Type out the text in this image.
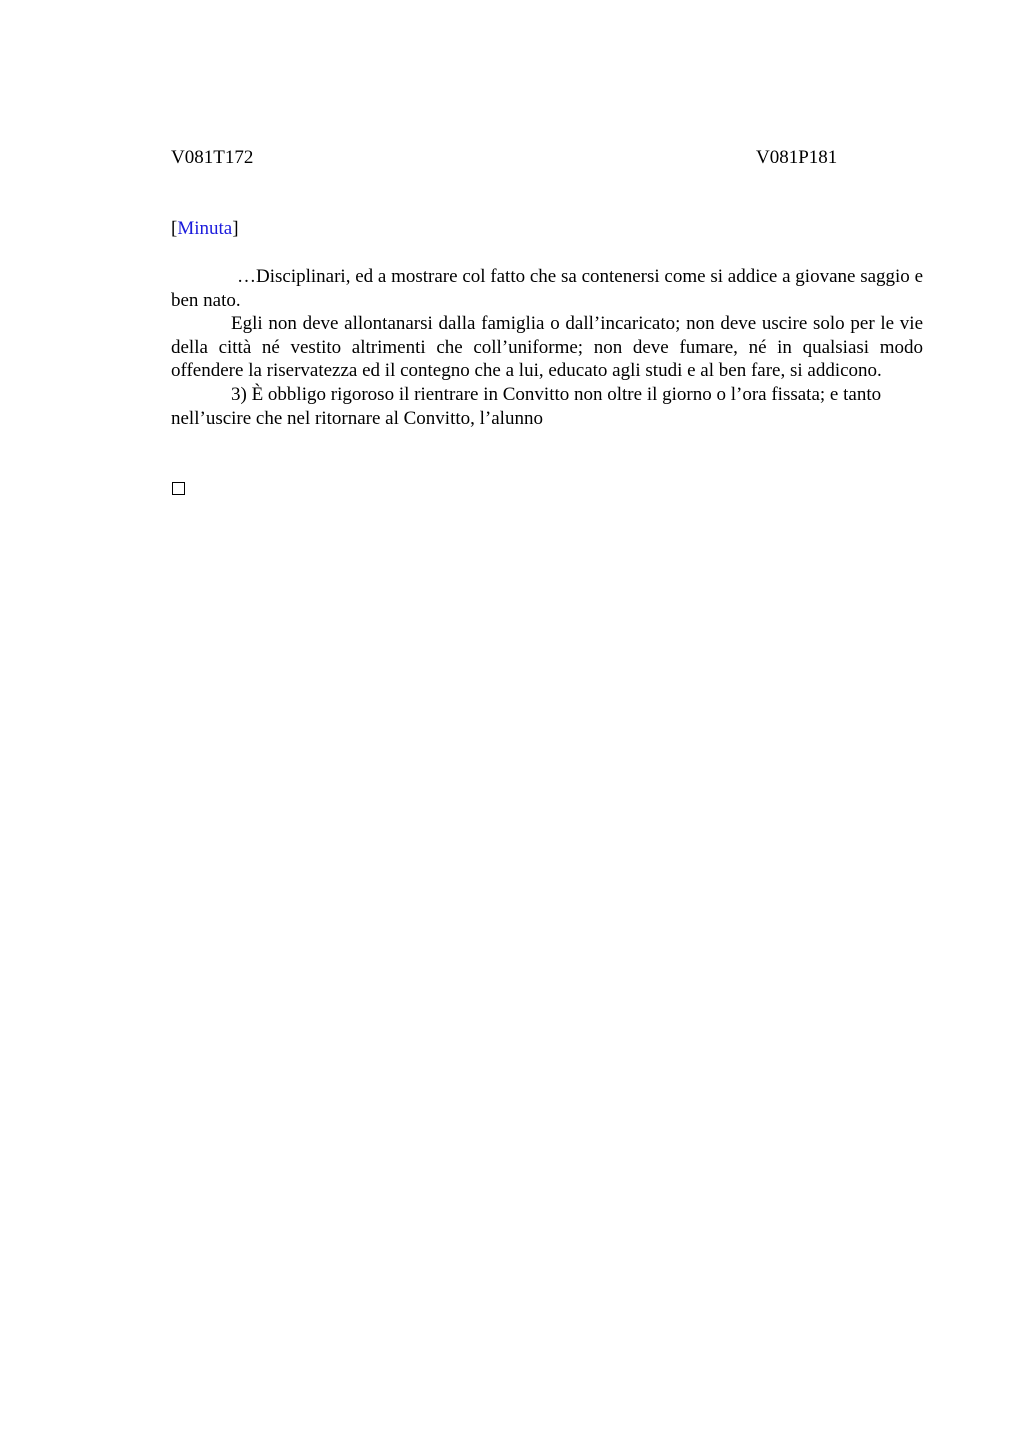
V081T172	V081P181
[Minuta]

…Disciplinari, ed a mostrare col fatto che sa contenersi come si addice a giovane saggio e ben nato.

Egli non deve allontanarsi dalla famiglia o dall’incaricato; non deve uscire solo per le vie della città né vestito altrimenti che coll’uniforme; non deve fumare, né in qualsiasi modo offendere la riservatezza ed il contegno che a lui, educato agli studi e al ben fare, si addicono.

3) È obbligo rigoroso il rientrare in Convitto non oltre il giorno o l’ora fissata; e tanto nell’uscire che nel ritornare al Convitto, l’alunno
